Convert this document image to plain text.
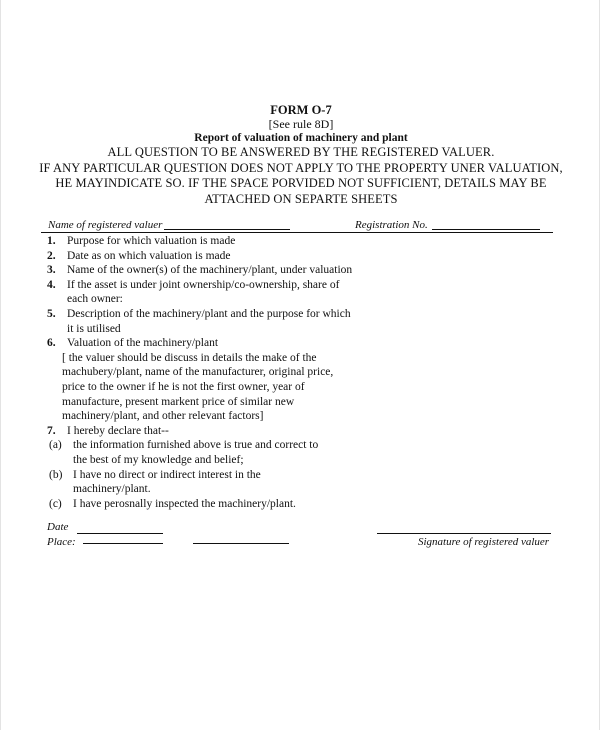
FORM O-7
[See rule 8D]
Report of valuation of machinery and plant
ALL QUESTION TO BE ANSWERED BY THE REGISTERED VALUER.
IF ANY PARTICULAR QUESTION DOES NOT APPLY TO THE PROPERTY UNER VALUATION,
HE MAYINDICATE SO. IF THE SPACE PORVIDED NOT SUFFICIENT, DETAILS MAY BE
ATTACHED ON SEPARTE SHEETS
Name of registered valuer	Registration No.
1. Purpose for which valuation is made
2. Date as on which valuation is made
3. Name of the owner(s) of the machinery/plant, under valuation
4. If the asset is under joint ownership/co-ownership, share of
each owner:
5. Description of the machinery/plant and the purpose for which
it is utilised
6. Valuation of the machinery/plant
[ the valuer should be discuss in details the make of the
machubery/plant, name of the manufacturer, original price,
price to the owner if he is not the first owner, year of
manufacture, present markent price of similar new
machinery/plant, and other relevant factors]
7. I hereby declare that--
(a) the information furnished above is true and correct to
the best of my knowledge and belief;
(b) I have no direct or indirect interest in the
machinery/plant.
(c) I have perosnally inspected the machinery/plant.
Date
Place:	Signature of registered valuer
